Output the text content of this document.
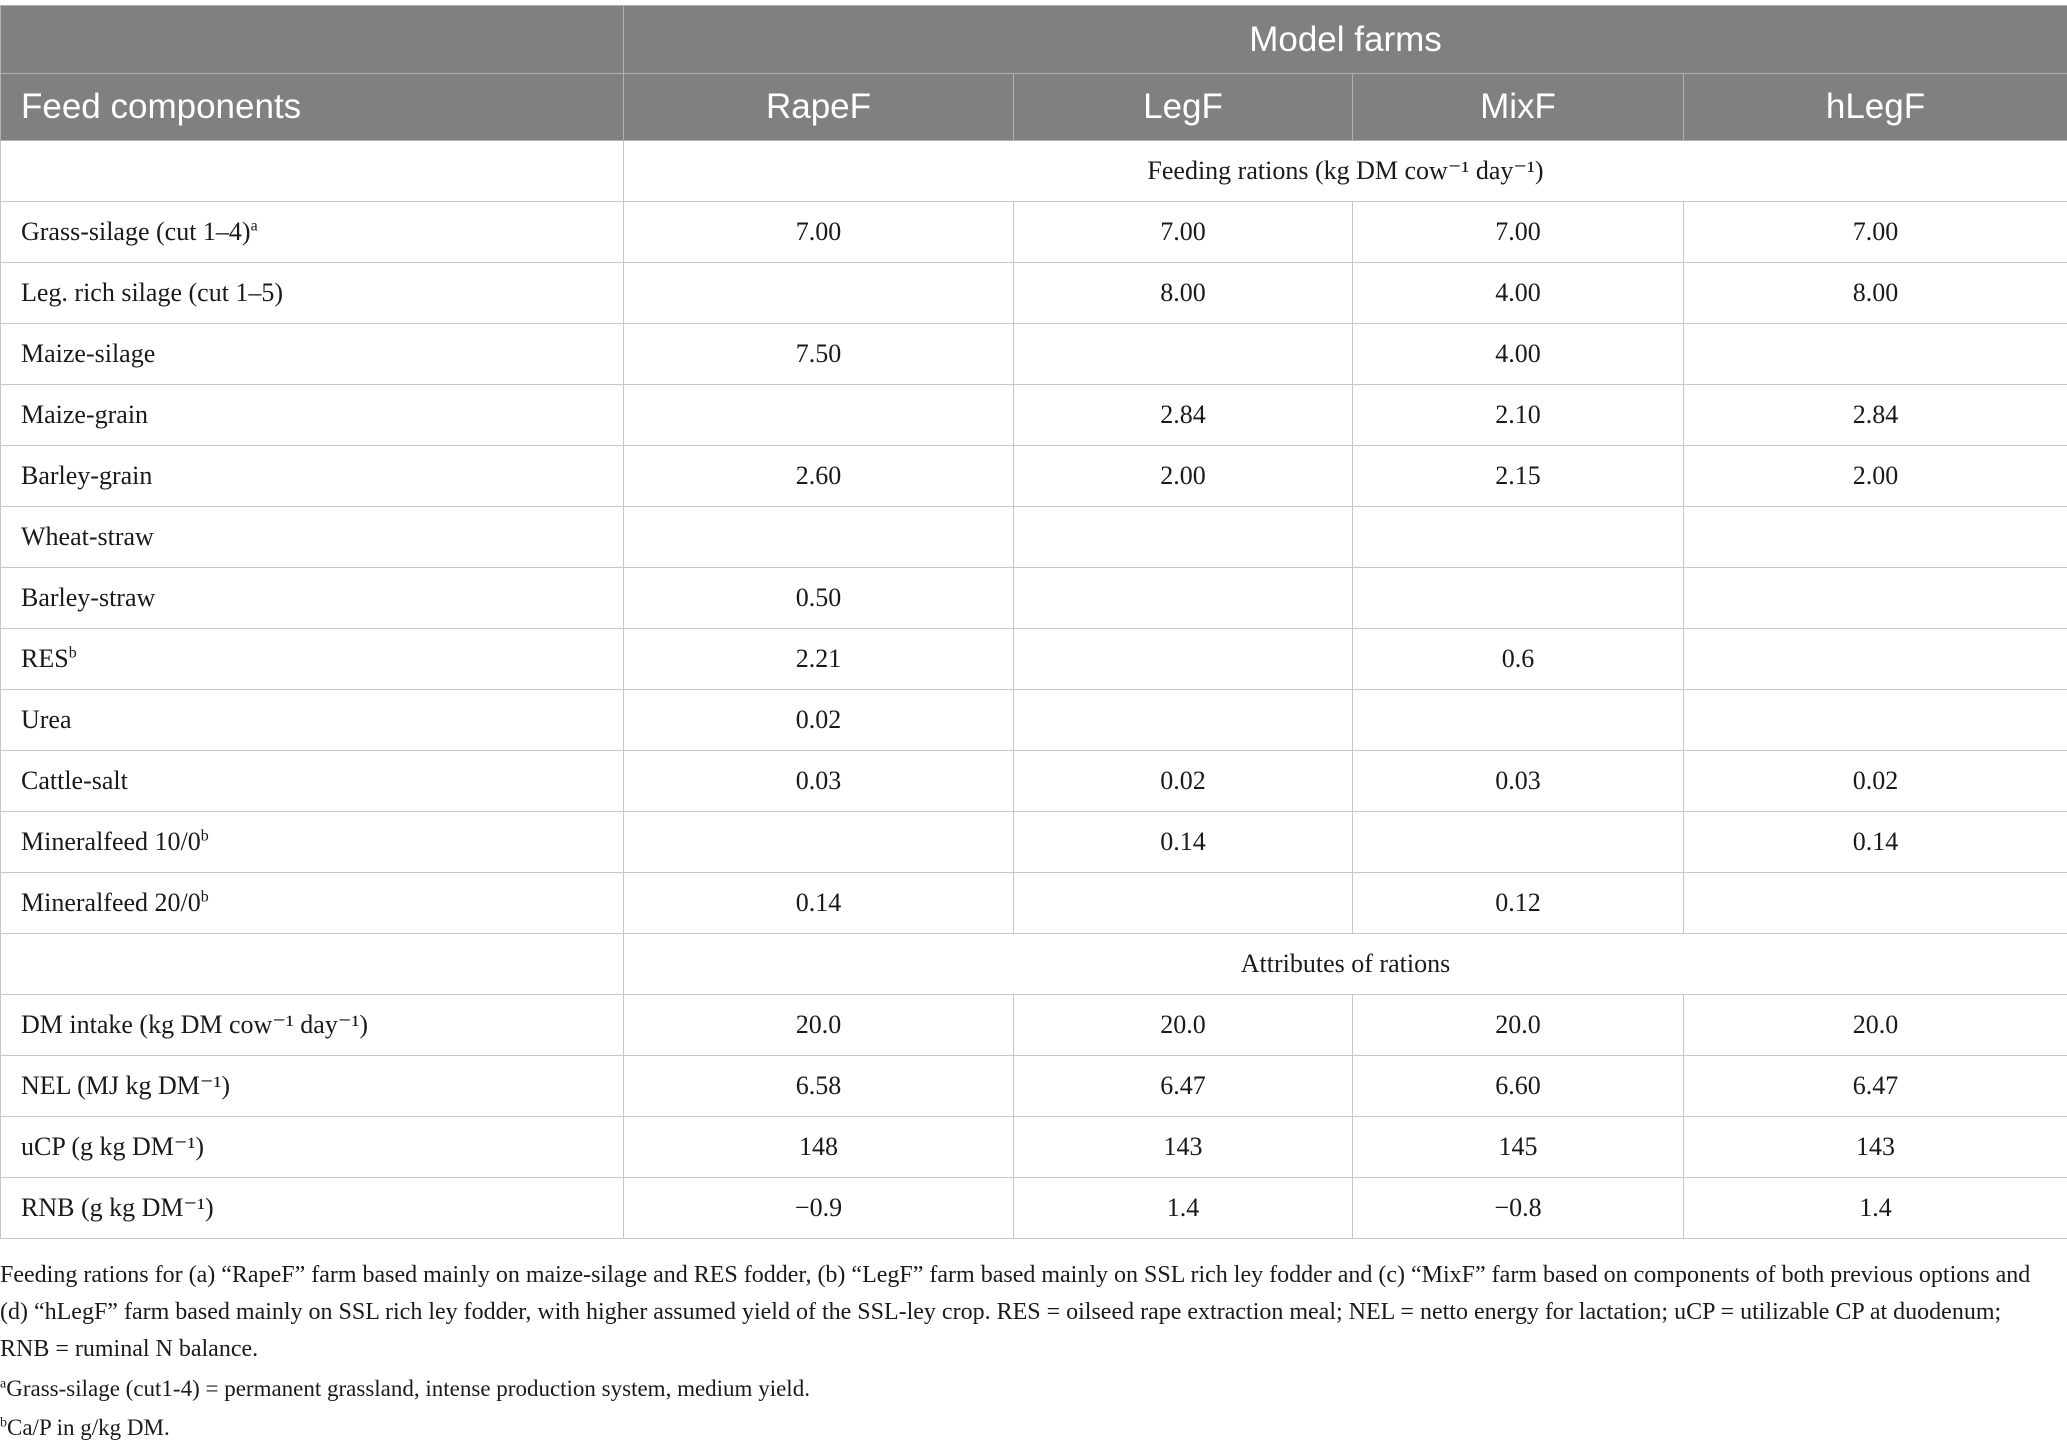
	Model farms			
Feed components	RapeF	LegF	MixF	hLegF
	Feeding rations (kg DM cow⁻¹ day⁻¹)			
Grass-silage (cut 1–4)$^a$	7.00	7.00	7.00	7.00
Leg. rich silage (cut 1–5)		8.00	4.00	8.00
Maize-silage	7.50		4.00	
Maize-grain		2.84	2.10	2.84
Barley-grain	2.60	2.00	2.15	2.00
Wheat-straw				
Barley-straw	0.50			
RES$^b$	2.21		0.6	
Urea	0.02			
Cattle-salt	0.03	0.02	0.03	0.02
Mineralfeed 10/0$^b$		0.14		0.14
Mineralfeed 20/0$^b$	0.14		0.12	
	Attributes of rations			
DM intake (kg DM cow⁻¹ day⁻¹)	20.0	20.0	20.0	20.0
NEL (MJ kg DM⁻¹)	6.58	6.47	6.60	6.47
uCP (g kg DM⁻¹)	148	143	145	143
RNB (g kg DM⁻¹)	−0.9	1.4	−0.8	1.4

Feeding rations for (a) “RapeF” farm based mainly on maize-silage and RES fodder, (b) “LegF” farm based mainly on SSL rich ley fodder and (c) “MixF” farm based on components of both previous options and (d) “hLegF” farm based mainly on SSL rich ley fodder, with higher assumed yield of the SSL-ley crop. RES = oilseed rape extraction meal; NEL = netto energy for lactation; uCP = utilizable CP at duodenum; RNB = ruminal N balance.

$^a$Grass-silage (cut1-4) = permanent grassland, intense production system, medium yield.

$^b$Ca/P in g/kg DM.
